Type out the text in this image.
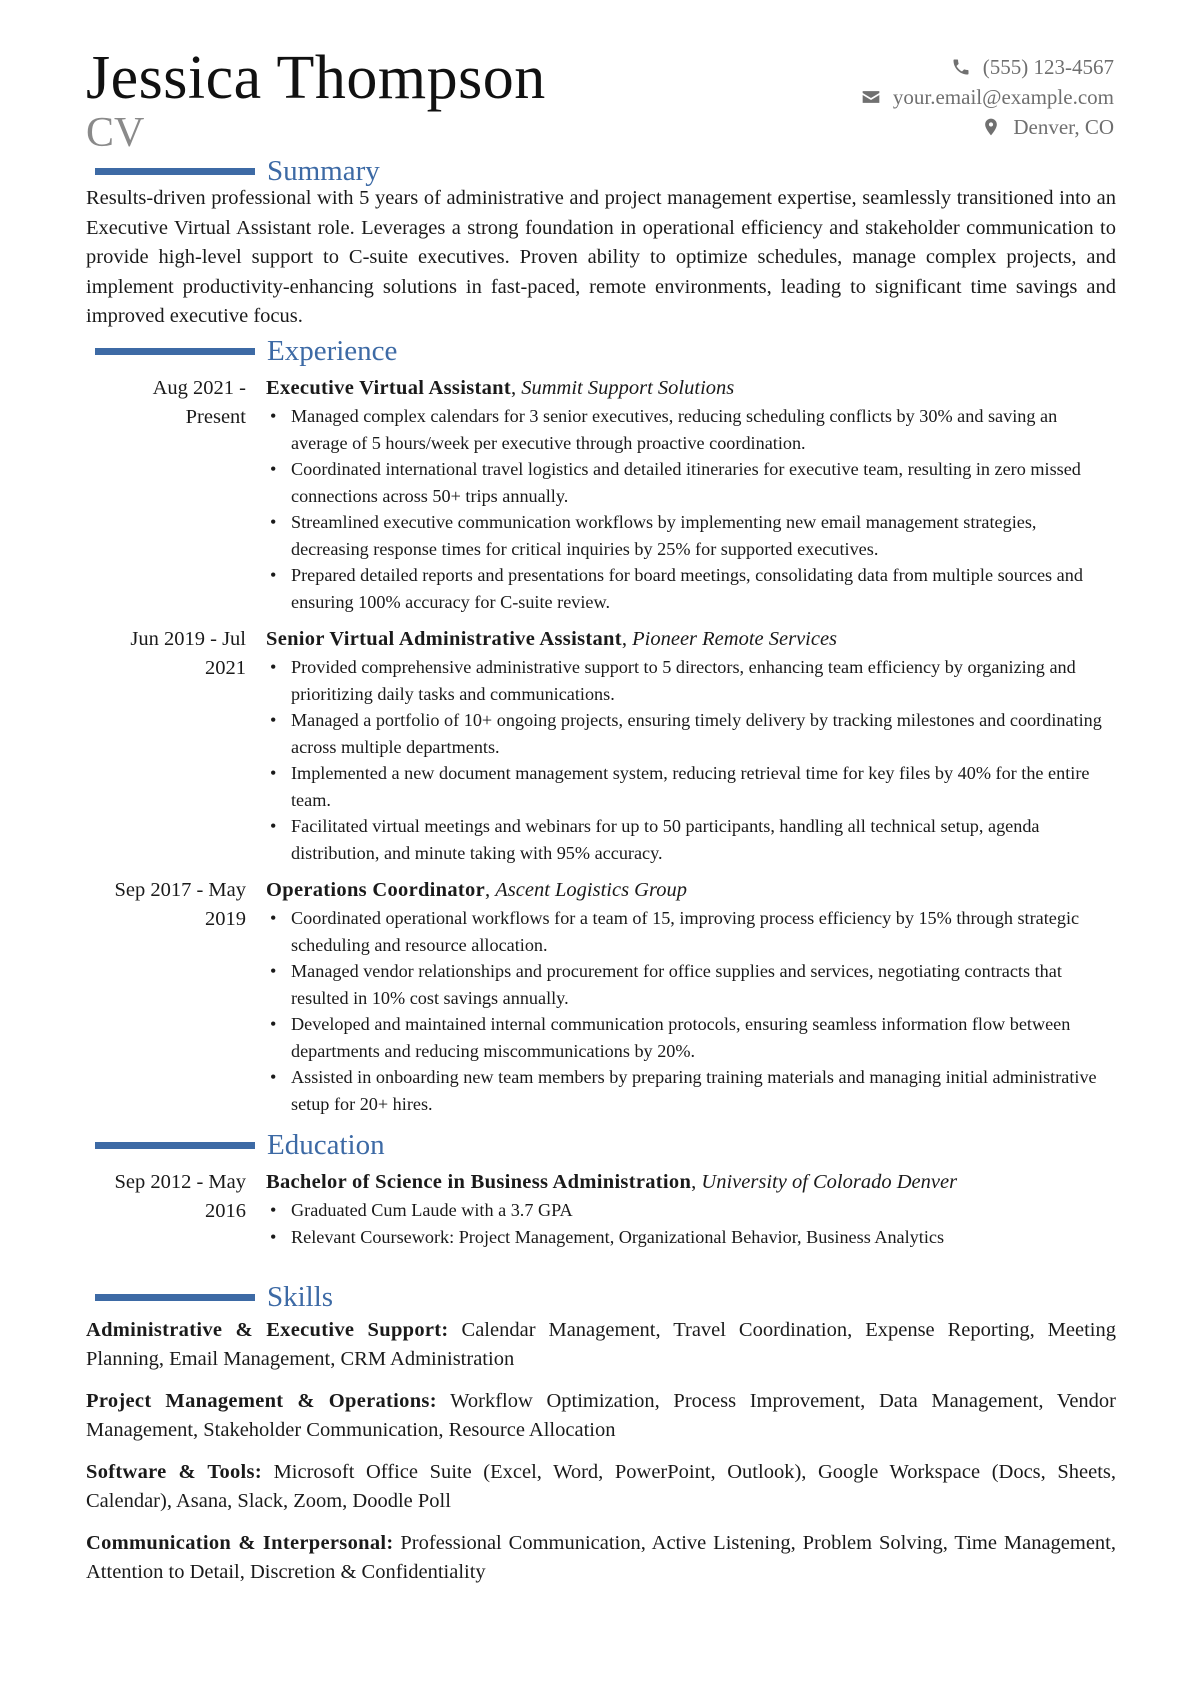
Jessica Thompson
CV
(555) 123-4567
your.email@example.com
Denver, CO
Summary
Results-driven professional with 5 years of administrative and project management expertise, seamlessly transitioned into an Executive Virtual Assistant role. Leverages a strong foundation in operational efficiency and stakeholder communication to provide high-level support to C-suite executives. Proven ability to optimize schedules, manage complex projects, and implement productivity-enhancing solutions in fast-paced, remote environments, leading to significant time savings and improved executive focus.
Experience
Aug 2021 -
Present
Executive Virtual Assistant, Summit Support Solutions
• Managed complex calendars for 3 senior executives, reducing scheduling conflicts by 30% and saving an average of 5 hours/week per executive through proactive coordination.
• Coordinated international travel logistics and detailed itineraries for executive team, resulting in zero missed connections across 50+ trips annually.
• Streamlined executive communication workflows by implementing new email management strategies, decreasing response times for critical inquiries by 25% for supported executives.
• Prepared detailed reports and presentations for board meetings, consolidating data from multiple sources and ensuring 100% accuracy for C-suite review.
Jun 2019 - Jul
2021
Senior Virtual Administrative Assistant, Pioneer Remote Services
• Provided comprehensive administrative support to 5 directors, enhancing team efficiency by organizing and prioritizing daily tasks and communications.
• Managed a portfolio of 10+ ongoing projects, ensuring timely delivery by tracking milestones and coordinating across multiple departments.
• Implemented a new document management system, reducing retrieval time for key files by 40% for the entire team.
• Facilitated virtual meetings and webinars for up to 50 participants, handling all technical setup, agenda distribution, and minute taking with 95% accuracy.
Sep 2017 - May
2019
Operations Coordinator, Ascent Logistics Group
• Coordinated operational workflows for a team of 15, improving process efficiency by 15% through strategic scheduling and resource allocation.
• Managed vendor relationships and procurement for office supplies and services, negotiating contracts that resulted in 10% cost savings annually.
• Developed and maintained internal communication protocols, ensuring seamless information flow between departments and reducing miscommunications by 20%.
• Assisted in onboarding new team members by preparing training materials and managing initial administrative setup for 20+ hires.
Education
Sep 2012 - May
2016
Bachelor of Science in Business Administration, University of Colorado Denver
• Graduated Cum Laude with a 3.7 GPA
• Relevant Coursework: Project Management, Organizational Behavior, Business Analytics
Skills
Administrative & Executive Support: Calendar Management, Travel Coordination, Expense Reporting, Meeting Planning, Email Management, CRM Administration
Project Management & Operations: Workflow Optimization, Process Improvement, Data Management, Vendor Management, Stakeholder Communication, Resource Allocation
Software & Tools: Microsoft Office Suite (Excel, Word, PowerPoint, Outlook), Google Workspace (Docs, Sheets, Calendar), Asana, Slack, Zoom, Doodle Poll
Communication & Interpersonal: Professional Communication, Active Listening, Problem Solving, Time Management, Attention to Detail, Discretion & Confidentiality
